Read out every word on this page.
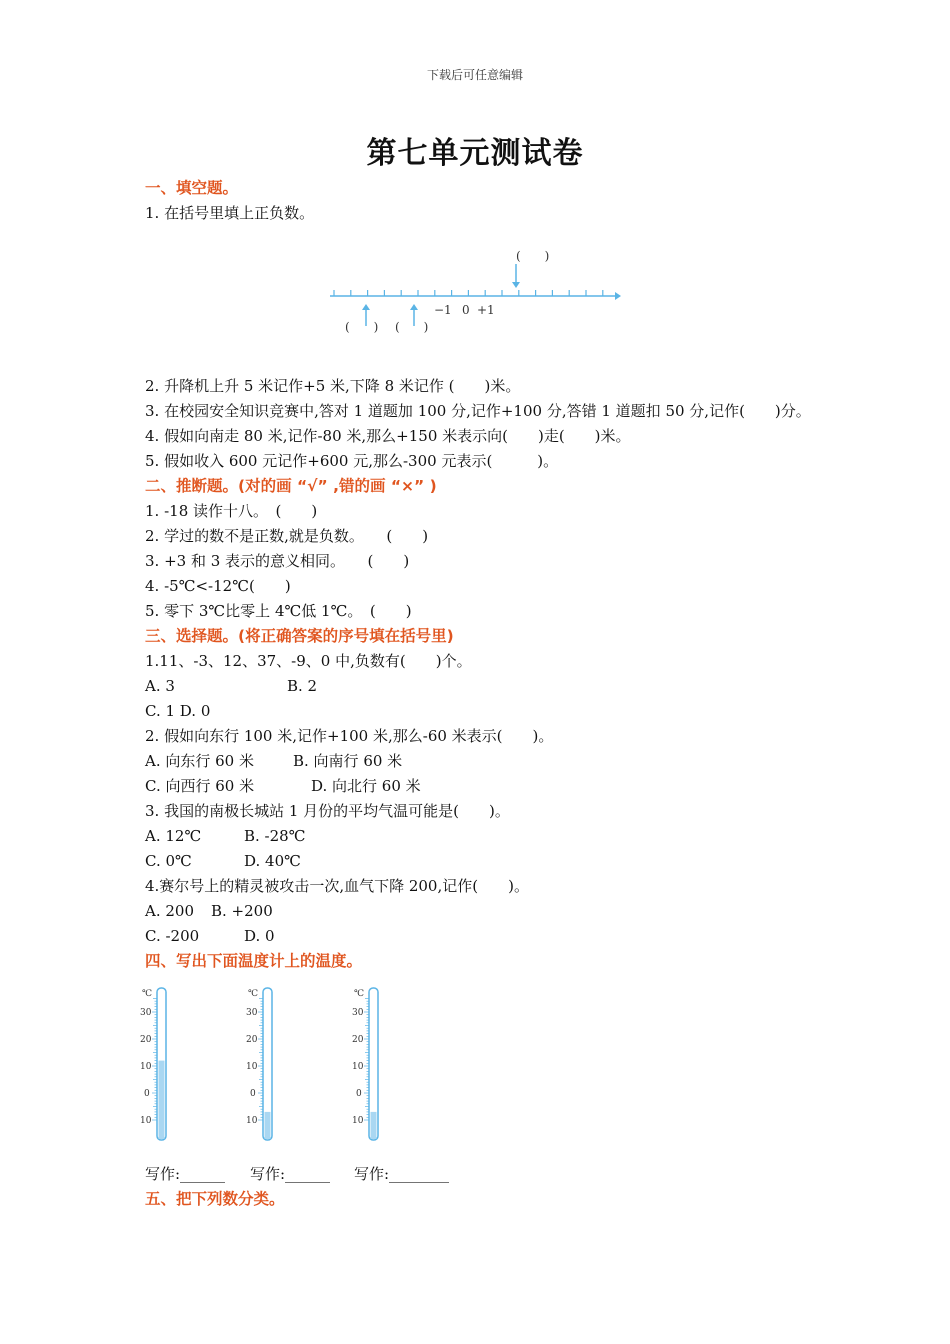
下载后可任意编辑
第七单元测试卷
一、填空题。
1. 在括号里填上正负数。
(　　)
−1 0 +1
(　　) (　　)
2. 升降机上升 5 米记作+5 米,下降 8 米记作 (　　)米。
3. 在校园安全知识竞赛中,答对 1 道题加 100 分,记作+100 分,答错 1 道题扣 50 分,记作(　　)分。
4. 假如向南走 80 米,记作-80 米,那么+150 米表示向(　　)走(　　)米。
5. 假如收入 600 元记作+600 元,那么-300 元表示(　　　)。
二、推断题。(对的画 “√” ,错的画 “×” )
1. -18 读作十八。　(　　)
2. 学过的数不是正数,就是负数。　　(　　)
3. +3 和 3 表示的意义相同。　　(　　)
4. -5℃<-12℃(　　)
5. 零下 3℃比零上 4℃低 1℃。　(　　)
三、选择题。(将正确答案的序号填在括号里)
1.11、-3、12、37、-9、0 中,负数有(　　)个。
A. 3	B. 2
C. 1 D. 0
2. 假如向东行 100 米,记作+100 米,那么-60 米表示(　　)。
A. 向东行 60 米	B. 向南行 60 米
C. 向西行 60 米	D. 向北行 60 米
3. 我国的南极长城站 1 月份的平均气温可能是(　　)。
A. 12℃	B. -28℃
C. 0℃	D. 40℃
4.赛尔号上的精灵被攻击一次,血气下降 200,记作(　　)。
A. 200 B. +200
C. -200	D. 0
四、写出下面温度计上的温度。
℃
30
20
10
0
10
℃
30
20
10
0
10
℃
30
20
10
0
10
写作:______ 写作:______ 写作:________
五、把下列数分类。
